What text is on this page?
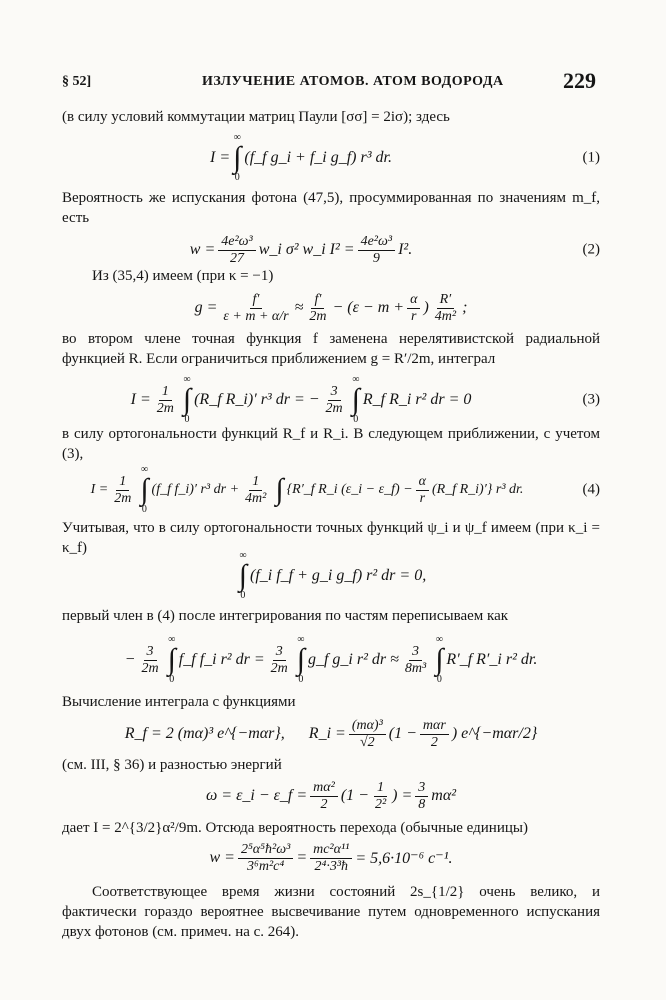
§ 52]	ИЗЛУЧЕНИЕ АТОМОВ. АТОМ ВОДОРОДА	229
(в силу условий коммутации матриц Паули [σσ] = 2iσ); здесь
I =
∞
∫
0
(f_f g_i + f_i g_f) r³ dr.	(1)
Вероятность же испускания фотона (47,5), просуммированная по значениям m_f, есть
$w = \frac{\text{4e²ω³}}{27}$ w_i σ² w_i $I^2 = \frac{\text{4e²ω³}}{9} I^2$.	(2)
Из (35,4) имеем (при κ = −1)
$g = \frac{f'}{\varepsilon + m + \alpha/r} \approx \frac{f'}{2m} - (\varepsilon - m + \frac{\alpha}{r}$ ) $\frac{R'}{\text{4m²}}$ ;
во втором члене точная функция f заменена нерелятивистской радиальной функцией R. Если ограничиться приближением g = R′/2m, интеграл
$I = \frac{1}{2m}$
∞
∫
0
(R_f R_i)′ r³ dr = − $\frac{3}{2m}$
∞
∫
0
R_f R_i r² dr = 0	(3)
в силу ортогональности функций R_f и R_i. В следующем приближении, с учетом (3),
$I = \frac{1}{2m}$
∞
∫
0
(f_f f_i)′ r³ dr + $\frac{1}{\text{4m²}}$ ∫ {R′_f R_i (ε_i − ε_f) − $\frac{\alpha}{r}$ (R_f R_i)′} r³ dr.	(4)
Учитывая, что в силу ортогональности точных функций ψ_i и ψ_f имеем (при κ_i = κ_f)	∞
∫
0
(f_i f_f + g_i g_f) r² dr = 0,
первый член в (4) после интегрирования по частям переписываем как
− $\frac{3}{2m}$
∞
∫
0
f_f f_i r² dr = $\frac{3}{2m}$
∞
∫
0
g_f g_i r² dr ≈ $\frac{3}{\text{8m³}}$
∞
∫
0
R′_f R′_i r² dr.
Вычисление интеграла с функциями
R_f = 2 (mα)³ e^{−mαr}, R_i = $\frac{\text{(mα)³}}{√2} (1 - \frac{\text{mαr}}{2}$ ) e^{−mαr/2}
(см. III, § 36) и разностью энергий
ω = ε_i − ε_f = $\frac{\text{mα²}}{2} (1 - \frac{1}{\text{2²}}$ ) = $\frac{3}{8} m\alpha^2$
дает I = 2^{3/2}α²/9m. Отсюда вероятность перехода (обычные единицы)
$w = \frac{\text{2⁵α⁵ħ²ω³}}{\text{3⁶m²c⁴}} = \frac{\text{mc²α¹¹}}{\text{2⁴·3³ħ}} = 5,6\cdot 10^{-6}$ c⁻¹.
Соответствующее время жизни состояний 2s_{1/2} очень велико, и фактически гораздо вероятнее высвечивание путем одновременного испускания двух фотонов (см. примеч. на с. 264).
